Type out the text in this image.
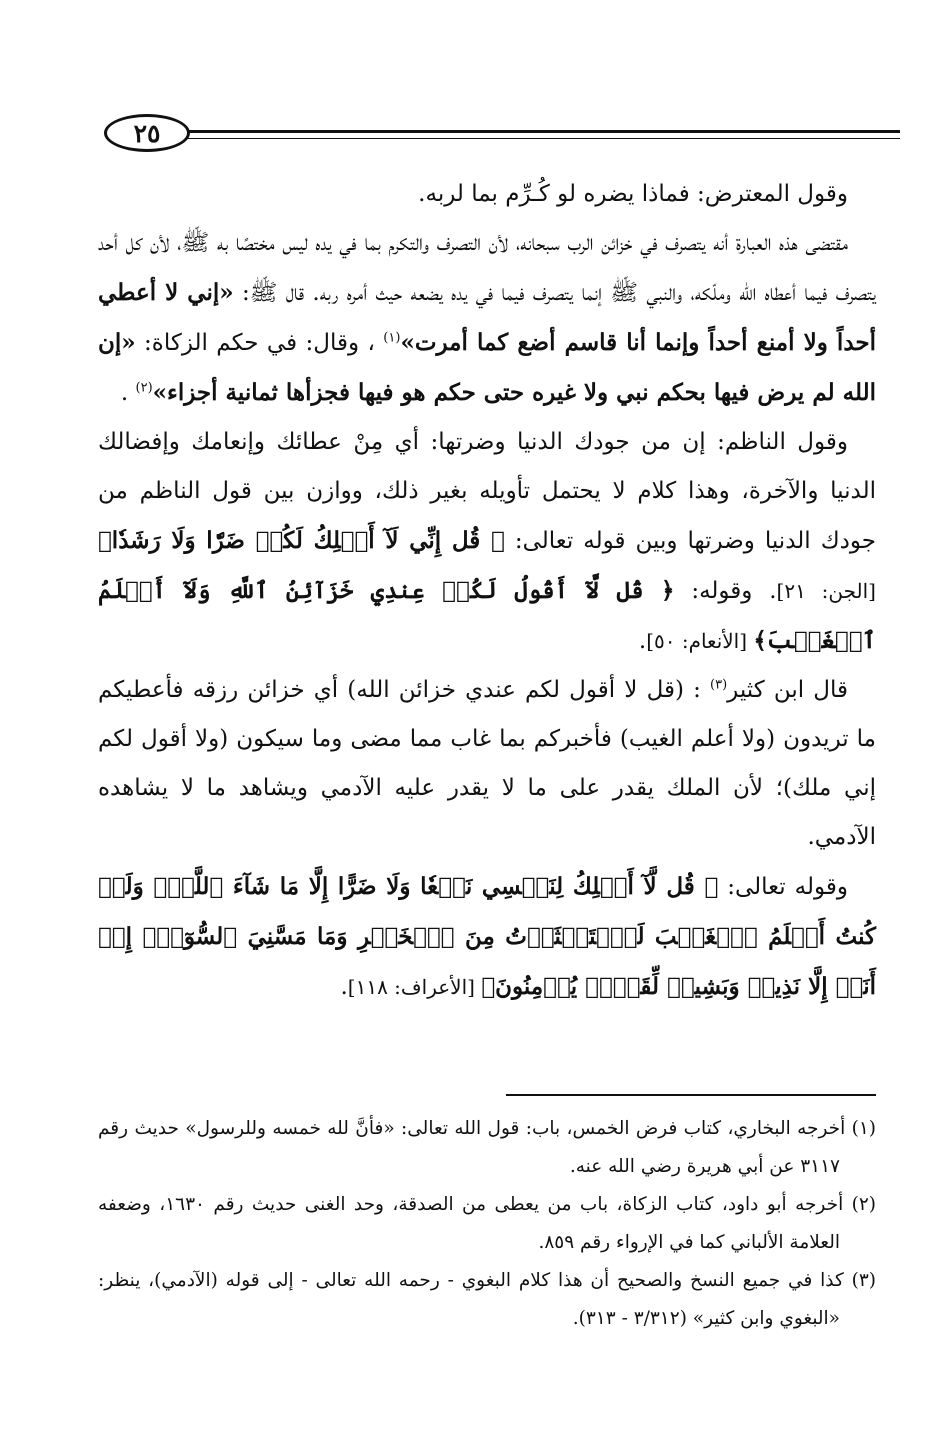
٢٥

وقول المعترض: فماذا يضره لو كُـرِّم بما لربه.

مقتضى هذه العبارة أنه يتصرف في خزائن الرب سبحانه، لأن التصرف والتكرم بما في يده ليس مختصًا به ﷺ، لأن كل أحد يتصرف فيما أعطاه الله وملّكه، والنبي ﷺ إنما يتصرف فيما في يده يضعه حيث أمره ربه. قال ﷺ: «إني لا أعطي أحداً ولا أمنع أحداً وإنما أنا قاسم أضع كما أمرت»$^{(١)}$ ، وقال: في حكم الزكاة: «إن الله لم يرض فيها بحكم نبي ولا غيره حتى حكم هو فيها فجزأها ثمانية أجزاء»$^{(٢)}$ .

وقول الناظم: إن من جودك الدنيا وضرتها: أي مِنْ عطائك وإنعامك وإفضالك الدنيا والآخرة، وهذا كلام لا يحتمل تأويله بغير ذلك، ووازن بين قول الناظم من جودك الدنيا وضرتها وبين قوله تعالى: ﴿ قُل إِنِّي لَآ أَمۡلِكُ لَكُمۡ ضَرّٗا وَلَا رَشَدٗا﴾ [الجن: ٢١]. وقوله: ﴿ قُل لَّآ أَقُولُ لَكُمۡ عِندِي خَزَآئِنُ ٱللَّهِ وَلَآ أَعۡلَمُ ٱلۡغَيۡبَ﴾ [الأنعام: ٥٠].

قال ابن كثير$^{(٣)}$ : (قل لا أقول لكم عندي خزائن الله) أي خزائن رزقه فأعطيكم ما تريدون (ولا أعلم الغيب) فأخبركم بما غاب مما مضى وما سيكون (ولا أقول لكم إني ملك)؛ لأن الملك يقدر على ما لا يقدر عليه الآدمي ويشاهد ما لا يشاهده الآدمي.

وقوله تعالى: ﴿ قُل لَّآ أَمۡلِكُ لِنَفۡسِي نَفۡعٗا وَلَا ضَرًّا إِلَّا مَا شَآءَ ٱللَّهُۚ وَلَوۡ كُنتُ أَعۡلَمُ ٱلۡغَيۡبَ لَٱسۡتَكۡثَرۡتُ مِنَ ٱلۡخَيۡرِ وَمَا مَسَّنِيَ ٱلسُّوٓءُۚ إِنۡ أَنَا۠ إِلَّا نَذِيرٞ وَبَشِيرٞ لِّقَوۡمٖ يُؤۡمِنُونَ﴾ [الأعراف: ١١٨].

(١) أخرجه البخاري، كتاب فرض الخمس، باب: قول الله تعالى: «فأنَّ لله خمسه وللرسول» حديث رقم ٣١١٧ عن أبي هريرة رضي الله عنه.

(٢) أخرجه أبو داود، كتاب الزكاة، باب من يعطى من الصدقة، وحد الغنى حديث رقم ١٦٣٠، وضعفه العلامة الألباني كما في الإرواء رقم ٨٥٩.

(٣) كذا في جميع النسخ والصحيح أن هذا كلام البغوي - رحمه الله تعالى - إلى قوله (الآدمي)، ينظر: «البغوي وابن كثير» (٣/٣١٢ - ٣١٣).
